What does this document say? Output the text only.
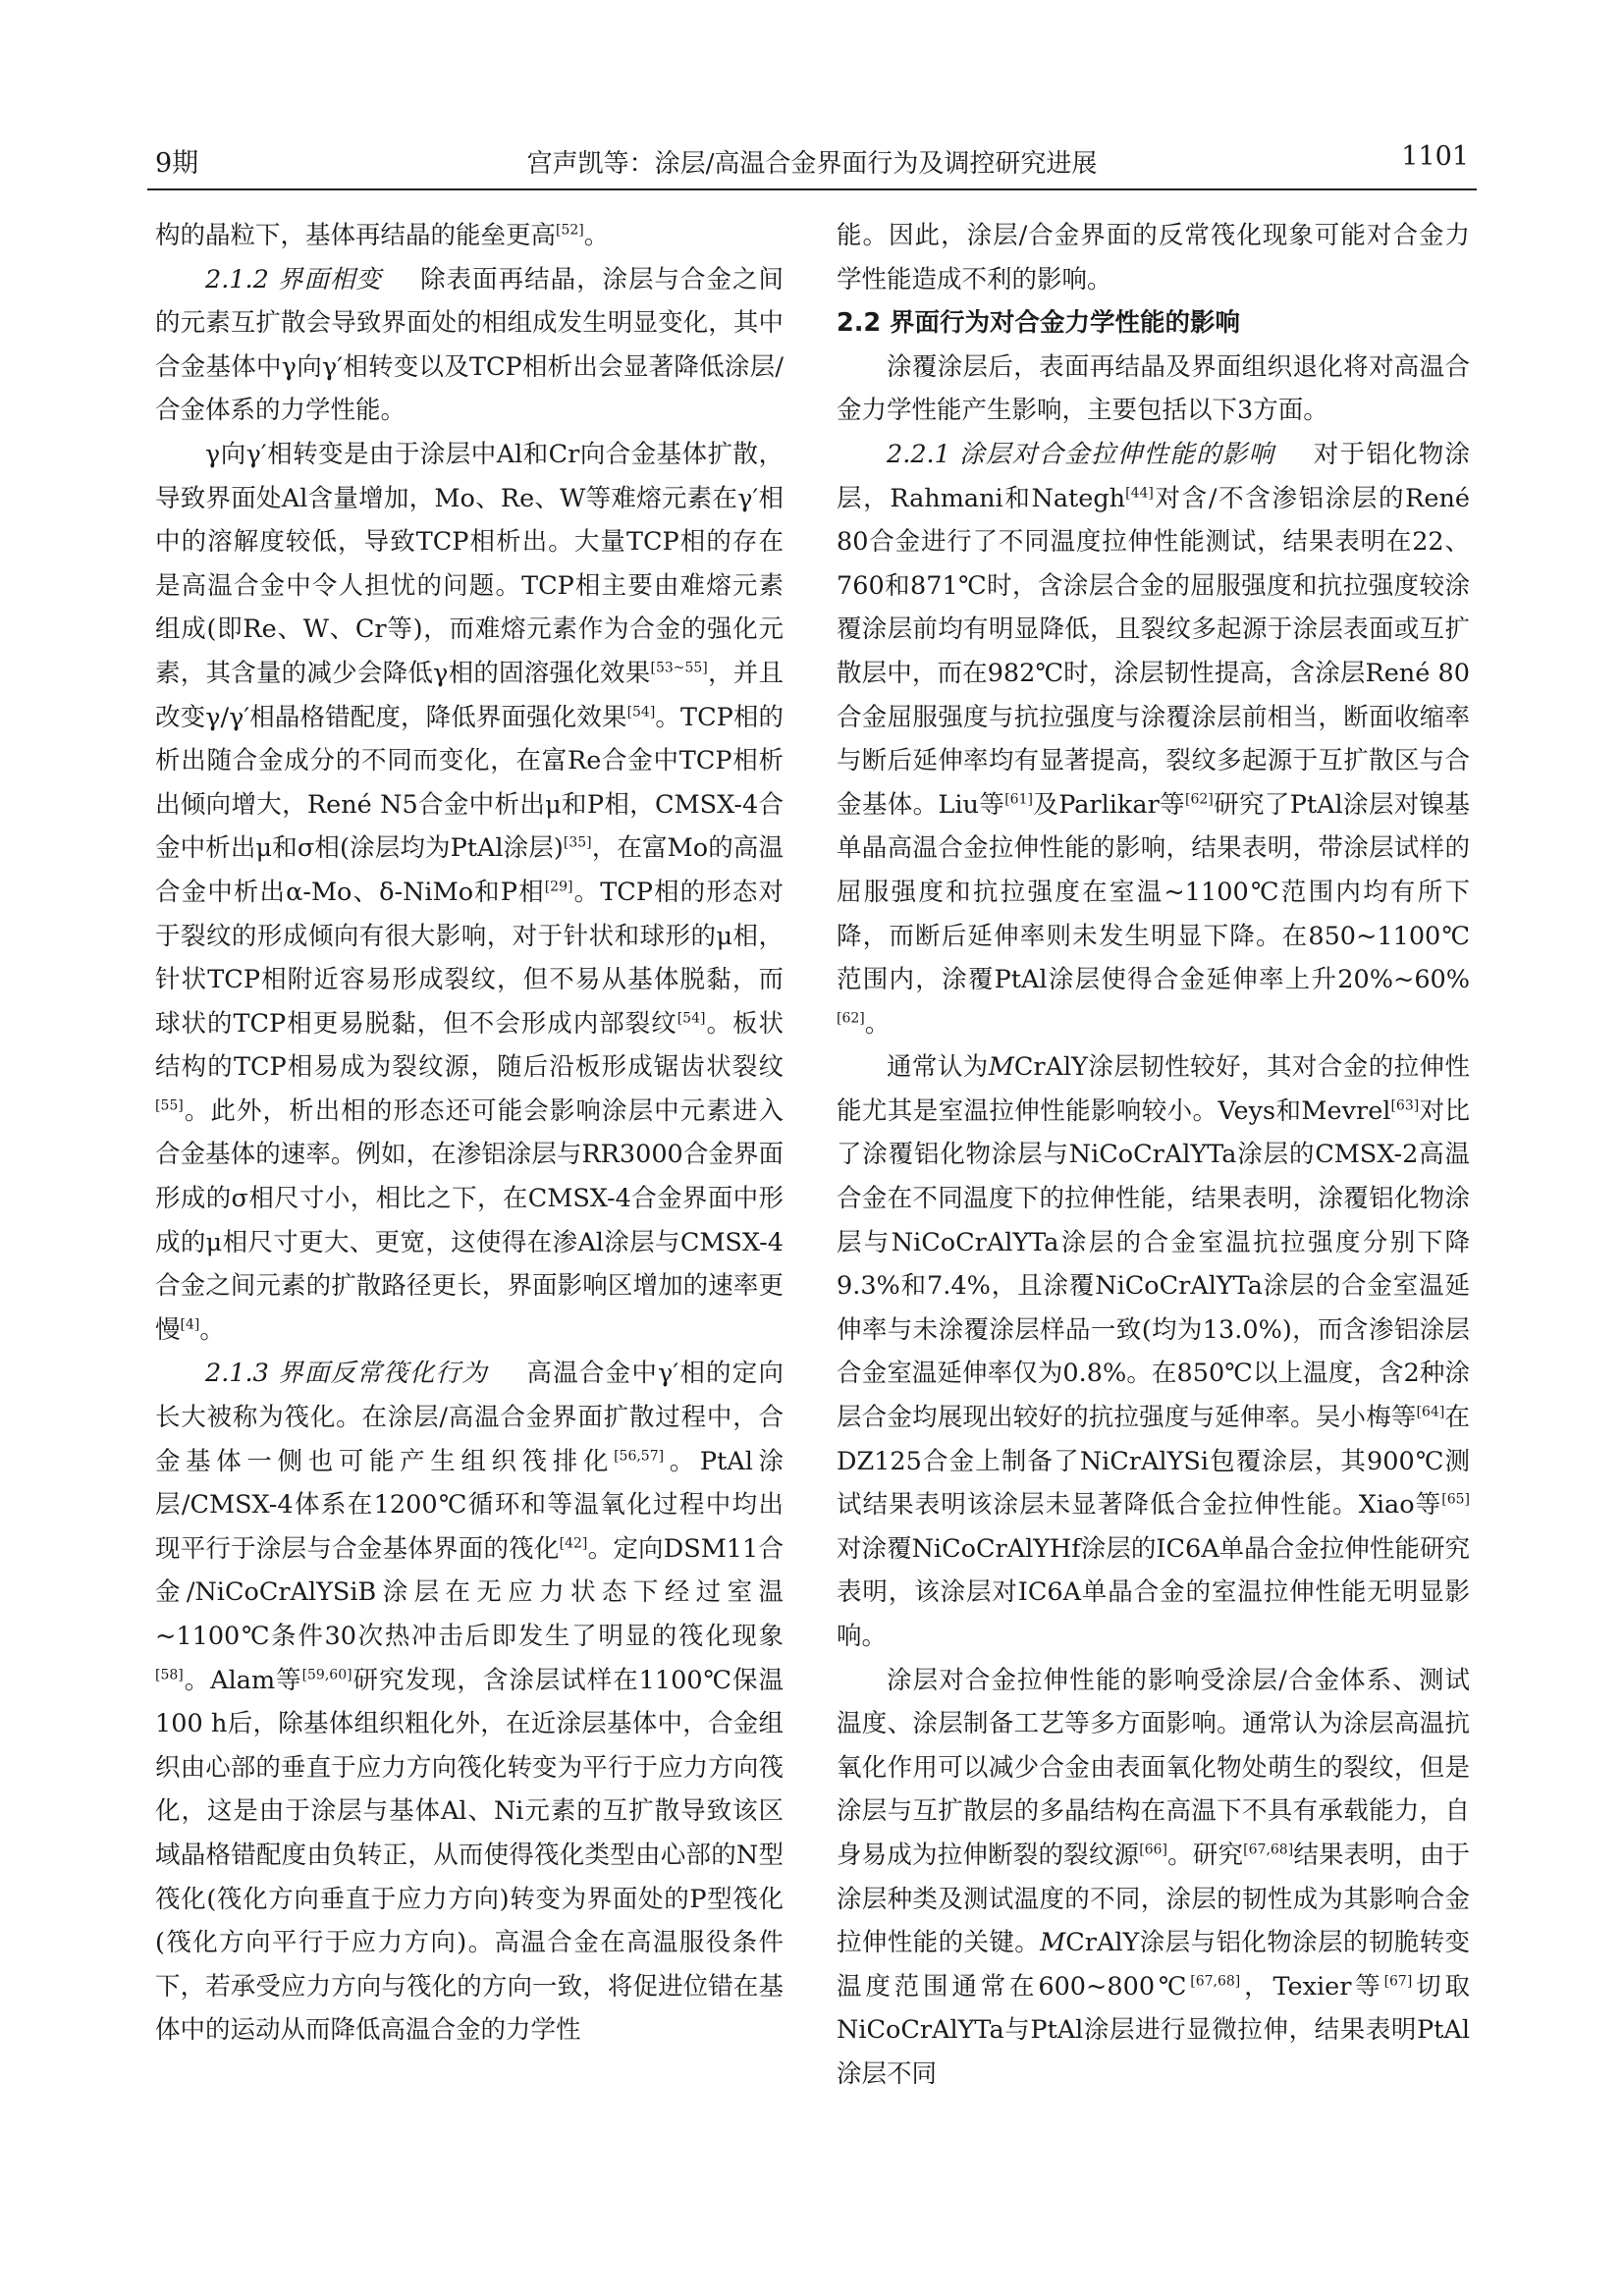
9期	宫声凯等：涂层/高温合金界面行为及调控研究进展	1101

构的晶粒下，基体再结晶的能垒更高[52]。

2.1.2 界面相变   除表面再结晶，涂层与合金之间的元素互扩散会导致界面处的相组成发生明显变化，其中合金基体中γ向γ′相转变以及TCP相析出会显著降低涂层/合金体系的力学性能。

γ向γ′相转变是由于涂层中Al和Cr向合金基体扩散，导致界面处Al含量增加，Mo、Re、W等难熔元素在γ′相中的溶解度较低，导致TCP相析出。大量TCP相的存在是高温合金中令人担忧的问题。TCP相主要由难熔元素组成(即Re、W、Cr等)，而难熔元素作为合金的强化元素，其含量的减少会降低γ相的固溶强化效果[53~55]，并且改变γ/γ′相晶格错配度，降低界面强化效果[54]。TCP相的析出随合金成分的不同而变化，在富Re合金中TCP相析出倾向增大，René N5合金中析出μ和P相，CMSX-4合金中析出μ和σ相(涂层均为PtAl涂层)[35]，在富Mo的高温合金中析出α-Mo、δ-NiMo和P相[29]。TCP相的形态对于裂纹的形成倾向有很大影响，对于针状和球形的μ相，针状TCP相附近容易形成裂纹，但不易从基体脱黏，而球状的TCP相更易脱黏，但不会形成内部裂纹[54]。板状结构的TCP相易成为裂纹源，随后沿板形成锯齿状裂纹[55]。此外，析出相的形态还可能会影响涂层中元素进入合金基体的速率。例如，在渗铝涂层与RR3000合金界面形成的σ相尺寸小，相比之下，在CMSX-4合金界面中形成的μ相尺寸更大、更宽，这使得在渗Al涂层与CMSX-4合金之间元素的扩散路径更长，界面影响区增加的速率更慢[4]。

2.1.3 界面反常筏化行为   高温合金中γ′相的定向长大被称为筏化。在涂层/高温合金界面扩散过程中，合金基体一侧也可能产生组织筏排化[56,57]。PtAl涂层/CMSX-4体系在1200℃循环和等温氧化过程中均出现平行于涂层与合金基体界面的筏化[42]。定向DSM11合金/NiCoCrAlYSiB涂层在无应力状态下经过室温~1100℃条件30次热冲击后即发生了明显的筏化现象[58]。Alam等[59,60]研究发现，含涂层试样在1100℃保温100 h后，除基体组织粗化外，在近涂层基体中，合金组织由心部的垂直于应力方向筏化转变为平行于应力方向筏化，这是由于涂层与基体Al、Ni元素的互扩散导致该区域晶格错配度由负转正，从而使得筏化类型由心部的N型筏化(筏化方向垂直于应力方向)转变为界面处的P型筏化(筏化方向平行于应力方向)。高温合金在高温服役条件下，若承受应力方向与筏化的方向一致，将促进位错在基体中的运动从而降低高温合金的力学性

能。因此，涂层/合金界面的反常筏化现象可能对合金力学性能造成不利的影响。

2.2 界面行为对合金力学性能的影响

涂覆涂层后，表面再结晶及界面组织退化将对高温合金力学性能产生影响，主要包括以下3方面。

2.2.1 涂层对合金拉伸性能的影响   对于铝化物涂层，Rahmani和Nategh[44]对含/不含渗铝涂层的René 80合金进行了不同温度拉伸性能测试，结果表明在22、760和871℃时，含涂层合金的屈服强度和抗拉强度较涂覆涂层前均有明显降低，且裂纹多起源于涂层表面或互扩散层中，而在982℃时，涂层韧性提高，含涂层René 80合金屈服强度与抗拉强度与涂覆涂层前相当，断面收缩率与断后延伸率均有显著提高，裂纹多起源于互扩散区与合金基体。Liu等[61]及Parlikar等[62]研究了PtAl涂层对镍基单晶高温合金拉伸性能的影响，结果表明，带涂层试样的屈服强度和抗拉强度在室温~1100℃范围内均有所下降，而断后延伸率则未发生明显下降。在850~1100℃范围内，涂覆PtAl涂层使得合金延伸率上升20%~60%[62]。

通常认为MCrAlY涂层韧性较好，其对合金的拉伸性能尤其是室温拉伸性能影响较小。Veys和Mevrel[63]对比了涂覆铝化物涂层与NiCoCrAlYTa涂层的CMSX-2高温合金在不同温度下的拉伸性能，结果表明，涂覆铝化物涂层与NiCoCrAlYTa涂层的合金室温抗拉强度分别下降9.3%和7.4%，且涂覆NiCoCrAlYTa涂层的合金室温延伸率与未涂覆涂层样品一致(均为13.0%)，而含渗铝涂层合金室温延伸率仅为0.8%。在850℃以上温度，含2种涂层合金均展现出较好的抗拉强度与延伸率。吴小梅等[64]在DZ125合金上制备了NiCrAlYSi包覆涂层，其900℃测试结果表明该涂层未显著降低合金拉伸性能。Xiao等[65]对涂覆NiCoCrAlYHf涂层的IC6A单晶合金拉伸性能研究表明，该涂层对IC6A单晶合金的室温拉伸性能无明显影响。

涂层对合金拉伸性能的影响受涂层/合金体系、测试温度、涂层制备工艺等多方面影响。通常认为涂层高温抗氧化作用可以减少合金由表面氧化物处萌生的裂纹，但是涂层与互扩散层的多晶结构在高温下不具有承载能力，自身易成为拉伸断裂的裂纹源[66]。研究[67,68]结果表明，由于涂层种类及测试温度的不同，涂层的韧性成为其影响合金拉伸性能的关键。MCrAlY涂层与铝化物涂层的韧脆转变温度范围通常在600~800℃[67,68]，Texier等[67]切取NiCoCrAlYTa与PtAl涂层进行显微拉伸，结果表明PtAl涂层不同
